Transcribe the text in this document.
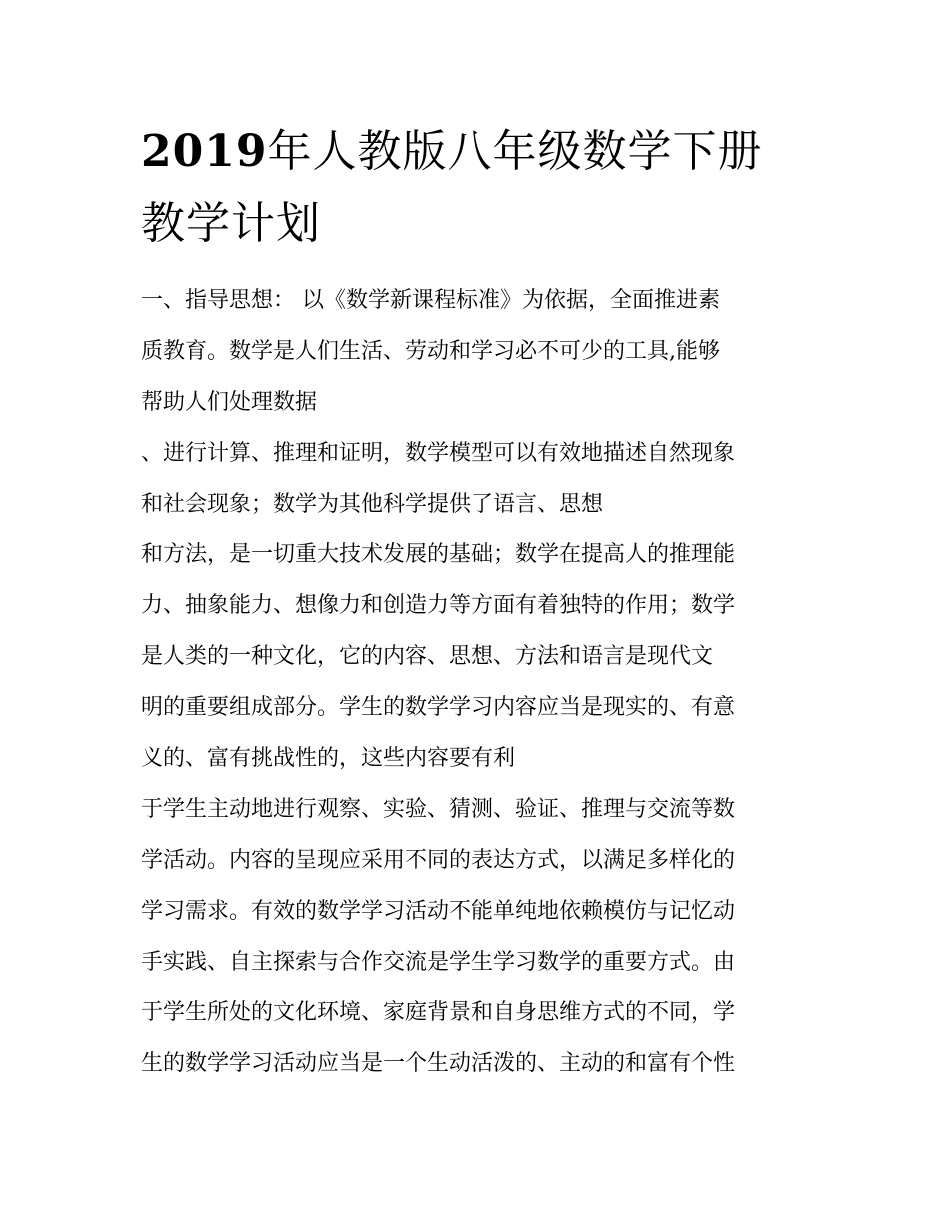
2019年人教版八年级数学下册
教学计划
一、指导思想： 以《数学新课程标准》为依据，全面推进素
质教育。数学是人们生活、劳动和学习必不可少的工具,能够
帮助人们处理数据
、进行计算、推理和证明，数学模型可以有效地描述自然现象
和社会现象；数学为其他科学提供了语言、思想
和方法，是一切重大技术发展的基础；数学在提高人的推理能
力、抽象能力、想像力和创造力等方面有着独特的作用；数学
是人类的一种文化，它的内容、思想、方法和语言是现代文
明的重要组成部分。学生的数学学习内容应当是现实的、有意
义的、富有挑战性的，这些内容要有利
于学生主动地进行观察、实验、猜测、验证、推理与交流等数
学活动。内容的呈现应采用不同的表达方式，以满足多样化的
学习需求。有效的数学学习活动不能单纯地依赖模仿与记忆动
手实践、自主探索与合作交流是学生学习数学的重要方式。由
于学生所处的文化环境、家庭背景和自身思维方式的不同，学
生的数学学习活动应当是一个生动活泼的、主动的和富有个性
